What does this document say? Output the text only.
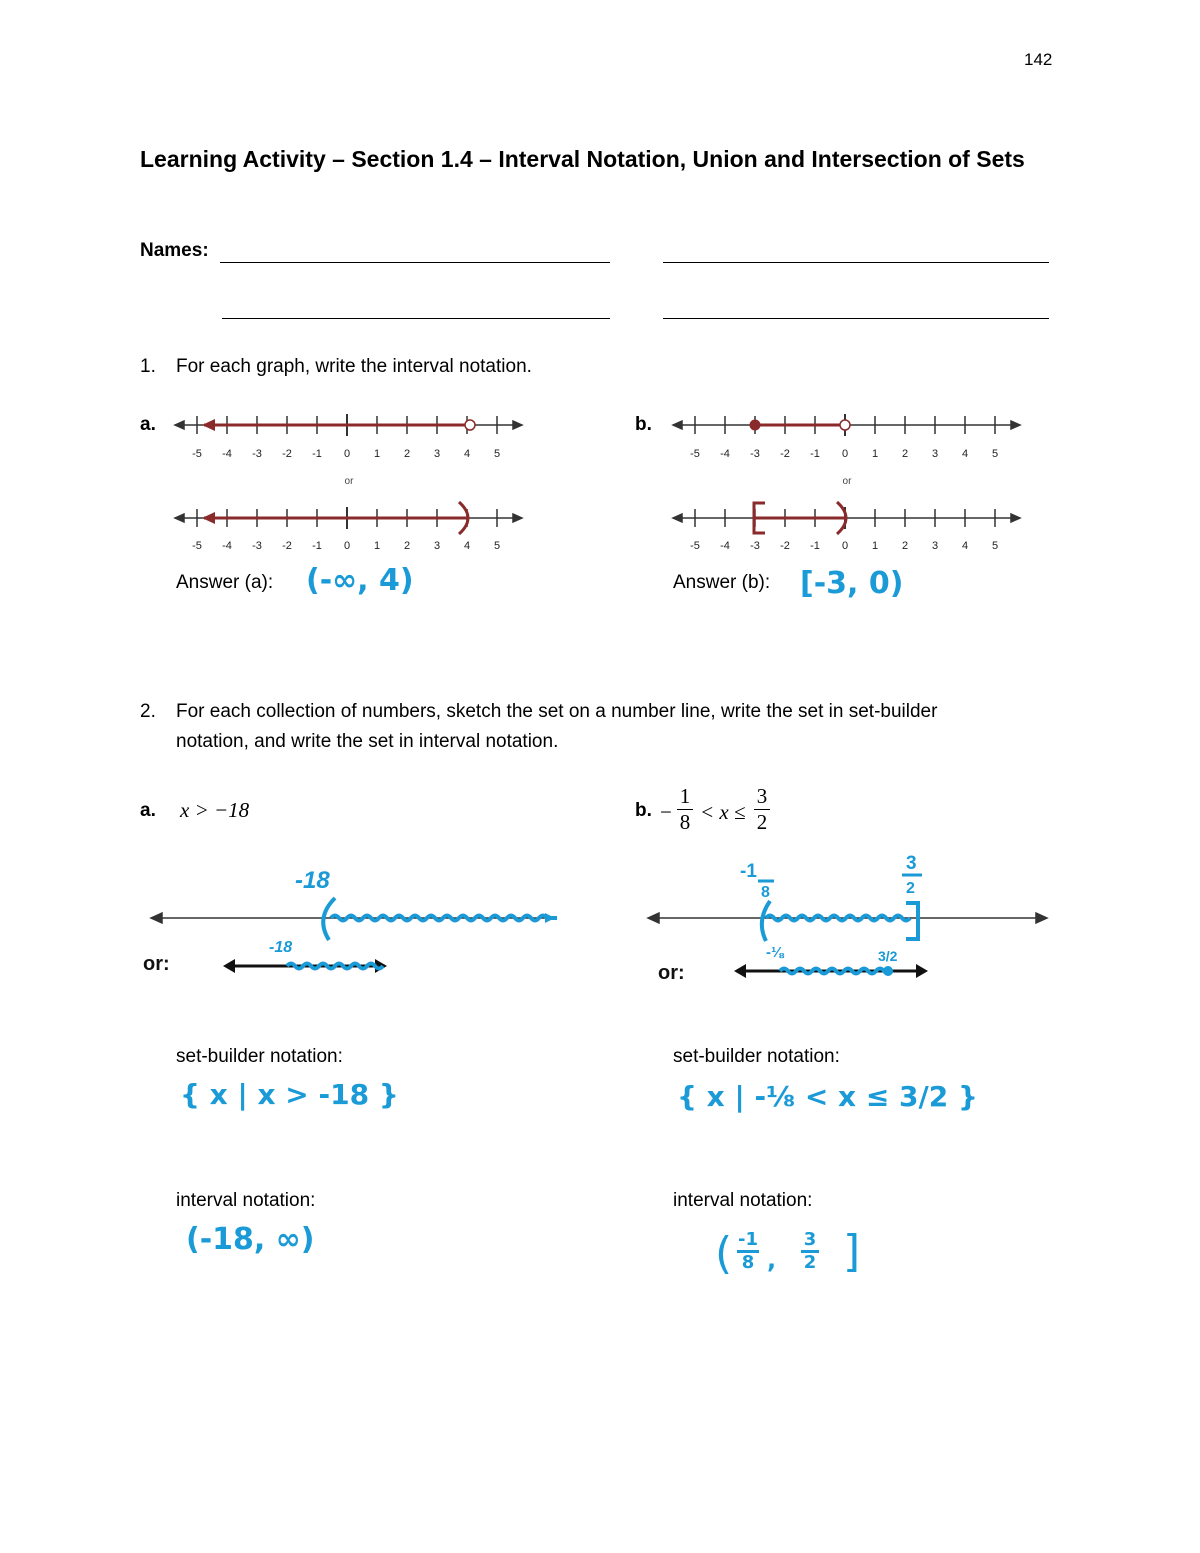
142
Learning Activity – Section 1.4 – Interval Notation, Union and Intersection of Sets
Names:
1. For each graph, write the interval notation.
a.	b.
-5 -4 -3 -2 -1 0 1 2 3 4 5
or
-5 -4 -3 -2 -1 0 1 2 3 4 5
-5 -4 -3 -2 -1 0 1 2 3 4 5
or
-5 -4 -3 -2 -1 0 1 2 3 4 5
Answer (a): (-∞, 4)	Answer (b): [-3, 0)
2. For each collection of numbers, sketch the set on a number line, write the set in set-builder
notation, and write the set in interval notation.
a. x > −18	b. −
1
8 < x ≤
3
2
-18
or:
-18
-1
8
3
2
-⅛	3/2
or:
set-builder notation:
{ x | x > -18 }
set-builder notation:
{ x | -⅛ < x ≤ 3/2 }
interval notation:
(-18, ∞)
interval notation:
( -1
8 ,
3
2 ]
